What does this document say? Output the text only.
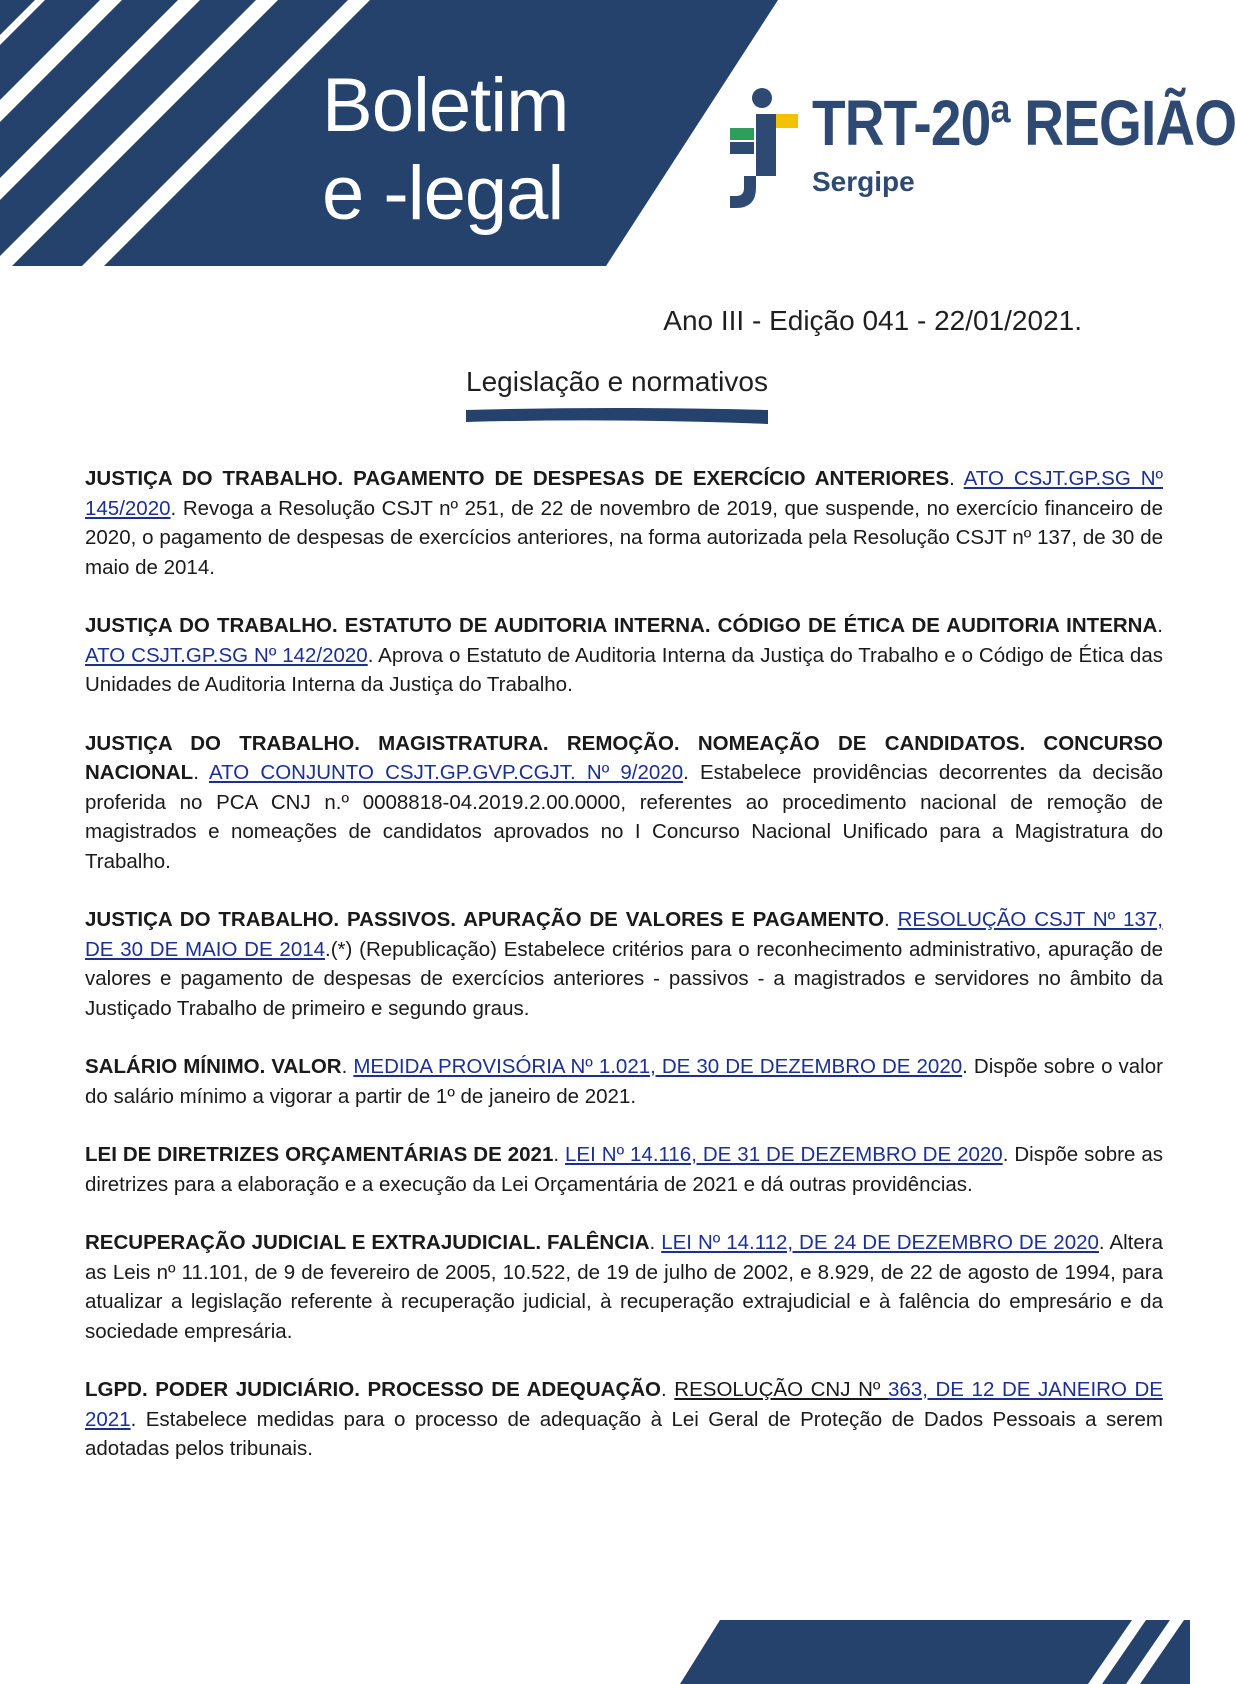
Boletim
e -legal
TRT-20ª REGIÃO
Sergipe
Ano III - Edição 041 - 22/01/2021.
Legislação e normativos

JUSTIÇA DO TRABALHO. PAGAMENTO DE DESPESAS DE EXERCÍCIO ANTERIORES. ATO CSJT.GP.SG Nº 145/2020. Revoga a Resolução CSJT nº 251, de 22 de novembro de 2019, que suspende, no exercício financeiro de 2020, o pagamento de despesas de exercícios anteriores, na forma autorizada pela Resolução CSJT nº 137, de 30 de maio de 2014.

JUSTIÇA DO TRABALHO. ESTATUTO DE AUDITORIA INTERNA. CÓDIGO DE ÉTICA DE AUDITORIA INTERNA. ATO CSJT.GP.SG Nº 142/2020. Aprova o Estatuto de Auditoria Interna da Justiça do Trabalho e o Código de Ética das Unidades de Auditoria Interna da Justiça do Trabalho.

JUSTIÇA DO TRABALHO. MAGISTRATURA. REMOÇÃO. NOMEAÇÃO DE CANDIDATOS. CONCURSO NACIONAL. ATO CONJUNTO CSJT.GP.GVP.CGJT. Nº 9/2020. Estabelece providências decorrentes da decisão proferida no PCA CNJ n.º 0008818-04.2019.2.00.0000, referentes ao procedimento nacional de remoção de magistrados e nomeações de candidatos aprovados no I Concurso Nacional Unificado para a Magistratura do Trabalho.

JUSTIÇA DO TRABALHO. PASSIVOS. APURAÇÃO DE VALORES E PAGAMENTO. RESOLUÇÃO CSJT Nº 137, DE 30 DE MAIO DE 2014.(*) (Republicação) Estabelece critérios para o reconhecimento administrativo, apuração de valores e pagamento de despesas de exercícios anteriores - passivos - a magistrados e servidores no âmbito da Justiçado Trabalho de primeiro e segundo graus.

SALÁRIO MÍNIMO. VALOR. MEDIDA PROVISÓRIA Nº 1.021, DE 30 DE DEZEMBRO DE 2020. Dispõe sobre o valor do salário mínimo a vigorar a partir de 1º de janeiro de 2021.

LEI DE DIRETRIZES ORÇAMENTÁRIAS DE 2021. LEI Nº 14.116, DE 31 DE DEZEMBRO DE 2020. Dispõe sobre as diretrizes para a elaboração e a execução da Lei Orçamentária de 2021 e dá outras providências.

RECUPERAÇÃO JUDICIAL E EXTRAJUDICIAL. FALÊNCIA. LEI Nº 14.112, DE 24 DE DEZEMBRO DE 2020. Altera as Leis nº 11.101, de 9 de fevereiro de 2005, 10.522, de 19 de julho de 2002, e 8.929, de 22 de agosto de 1994, para atualizar a legislação referente à recuperação judicial, à recuperação extrajudicial e à falência do empresário e da sociedade empresária.

LGPD. PODER JUDICIÁRIO. PROCESSO DE ADEQUAÇÃO. RESOLUÇÃO CNJ Nº 363, DE 12 DE JANEIRO DE 2021. Estabelece medidas para o processo de adequação à Lei Geral de Proteção de Dados Pessoais a serem adotadas pelos tribunais.
